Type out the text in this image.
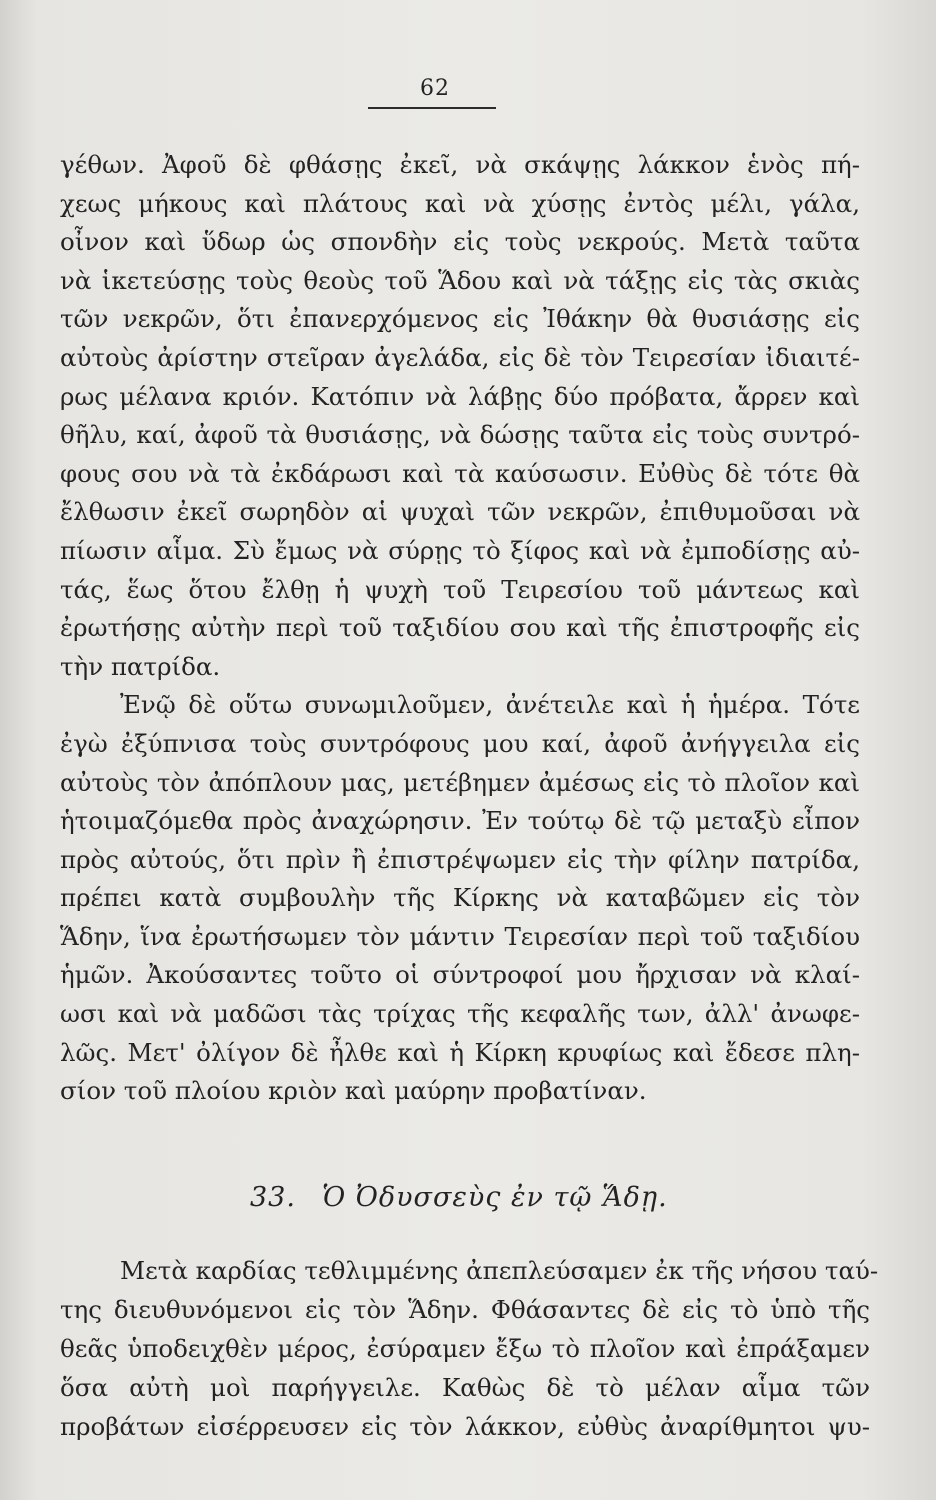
62
γέθων. Ἀφοῦ δὲ φθάσῃς ἐκεῖ, νὰ σκάψῃς λάκκον ἑνὸς πή-
χεως μήκους καὶ πλάτους καὶ νὰ χύσῃς ἐντὸς μέλι, γάλα,
οἶνον καὶ ὕδωρ ὡς σπονδὴν εἰς τοὺς νεκρούς. Μετὰ ταῦτα
νὰ ἱκετεύσῃς τοὺς θεοὺς τοῦ Ἅδου καὶ νὰ τάξῃς εἰς τὰς σκιὰς
τῶν νεκρῶν, ὅτι ἐπανερχόμενος εἰς Ἰθάκην θὰ θυσιάσῃς εἰς
αὐτοὺς ἀρίστην στεῖραν ἀγελάδα, εἰς δὲ τὸν Τειρεσίαν ἰδιαιτέ-
ρως μέλανα κριόν. Κατόπιν νὰ λάβῃς δύο πρόβατα, ἄρρεν καὶ
θῆλυ, καί, ἀφοῦ τὰ θυσιάσῃς, νὰ δώσῃς ταῦτα εἰς τοὺς συντρό-
φους σου νὰ τὰ ἐκδάρωσι καὶ τὰ καύσωσιν. Εὐθὺς δὲ τότε θὰ
ἔλθωσιν ἐκεῖ σωρηδὸν αἱ ψυχαὶ τῶν νεκρῶν, ἐπιθυμοῦσαι νὰ
πίωσιν αἷμα. Σὺ ἔμως νὰ σύρῃς τὸ ξίφος καὶ νὰ ἐμποδίσῃς αὐ-
τάς, ἕως ὅτου ἔλθῃ ἡ ψυχὴ τοῦ Τειρεσίου τοῦ μάντεως καὶ
ἐρωτήσῃς αὐτὴν περὶ τοῦ ταξιδίου σου καὶ τῆς ἐπιστροφῆς εἰς
τὴν πατρίδα.
Ἐνῷ δὲ οὕτω συνωμιλοῦμεν, ἀνέτειλε καὶ ἡ ἡμέρα. Τότε
ἐγὼ ἐξύπνισα τοὺς συντρόφους μου καί, ἀφοῦ ἀνήγγειλα εἰς
αὐτοὺς τὸν ἀπόπλουν μας, μετέβημεν ἀμέσως εἰς τὸ πλοῖον καὶ
ἡτοιμαζόμεθα πρὸς ἀναχώρησιν. Ἐν τούτῳ δὲ τῷ μεταξὺ εἶπον
πρὸς αὐτούς, ὅτι πρὶν ἢ ἐπιστρέψωμεν εἰς τὴν φίλην πατρίδα,
πρέπει κατὰ συμβουλὴν τῆς Κίρκης νὰ καταβῶμεν εἰς τὸν
Ἅδην, ἵνα ἐρωτήσωμεν τὸν μάντιν Τειρεσίαν περὶ τοῦ ταξιδίου
ἡμῶν. Ἀκούσαντες τοῦτο οἱ σύντροφοί μου ἤρχισαν νὰ κλαί-
ωσι καὶ νὰ μαδῶσι τὰς τρίχας τῆς κεφαλῆς των, ἀλλ' ἀνωφε-
λῶς. Μετ' ὀλίγον δὲ ἦλθε καὶ ἡ Κίρκη κρυφίως καὶ ἔδεσε πλη-
σίον τοῦ πλοίου κριὸν καὶ μαύρην προβατίναν.
33. Ὁ Ὀδυσσεὺς ἐν τῷ Ἅδῃ.
Μετὰ καρδίας τεθλιμμένης ἀπεπλεύσαμεν ἐκ τῆς νήσου ταύ-
της διευθυνόμενοι εἰς τὸν Ἅδην. Φθάσαντες δὲ εἰς τὸ ὑπὸ τῆς
θεᾶς ὑποδειχθὲν μέρος, ἐσύραμεν ἔξω τὸ πλοῖον καὶ ἐπράξαμεν
ὅσα αὐτὴ μοὶ παρήγγειλε. Καθὼς δὲ τὸ μέλαν αἷμα τῶν
προβάτων εἰσέρρευσεν εἰς τὸν λάκκον, εὐθὺς ἀναρίθμητοι ψυ-
